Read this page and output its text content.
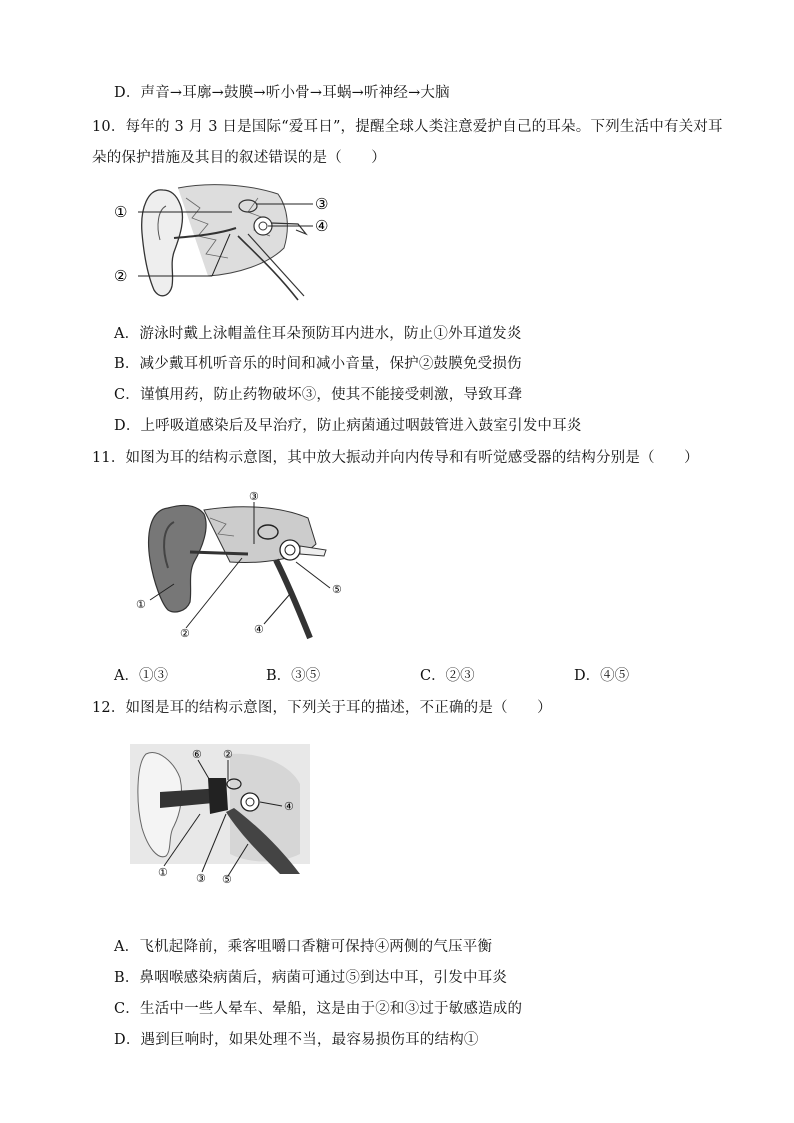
D．声音→耳廓→鼓膜→听小骨→耳蜗→听神经→大脑
10．每年的 3 月 3 日是国际“爱耳日”，提醒全球人类注意爱护自己的耳朵。下列生活中有关对耳
朵的保护措施及其目的叙述错误的是（　　）
①
②
③
④
A．游泳时戴上泳帽盖住耳朵预防耳内进水，防止①外耳道发炎
B．减少戴耳机听音乐的时间和减小音量，保护②鼓膜免受损伤
C．谨慎用药，防止药物破坏③，使其不能接受刺激，导致耳聋
D．上呼吸道感染后及早治疗，防止病菌通过咽鼓管进入鼓室引发中耳炎
11．如图为耳的结构示意图，其中放大振动并向内传导和有听觉感受器的结构分别是（　　）
③
①
②	④
⑤
A．①③	B．③⑤	C．②③	D．④⑤
12．如图是耳的结构示意图，下列关于耳的描述，不正确的是（　　）
⑥ ②
④
①	③ ⑤
A．飞机起降前，乘客咀嚼口香糖可保持④两侧的气压平衡
B．鼻咽喉感染病菌后，病菌可通过⑤到达中耳，引发中耳炎
C．生活中一些人晕车、晕船，这是由于②和③过于敏感造成的
D．遇到巨响时，如果处理不当，最容易损伤耳的结构①
